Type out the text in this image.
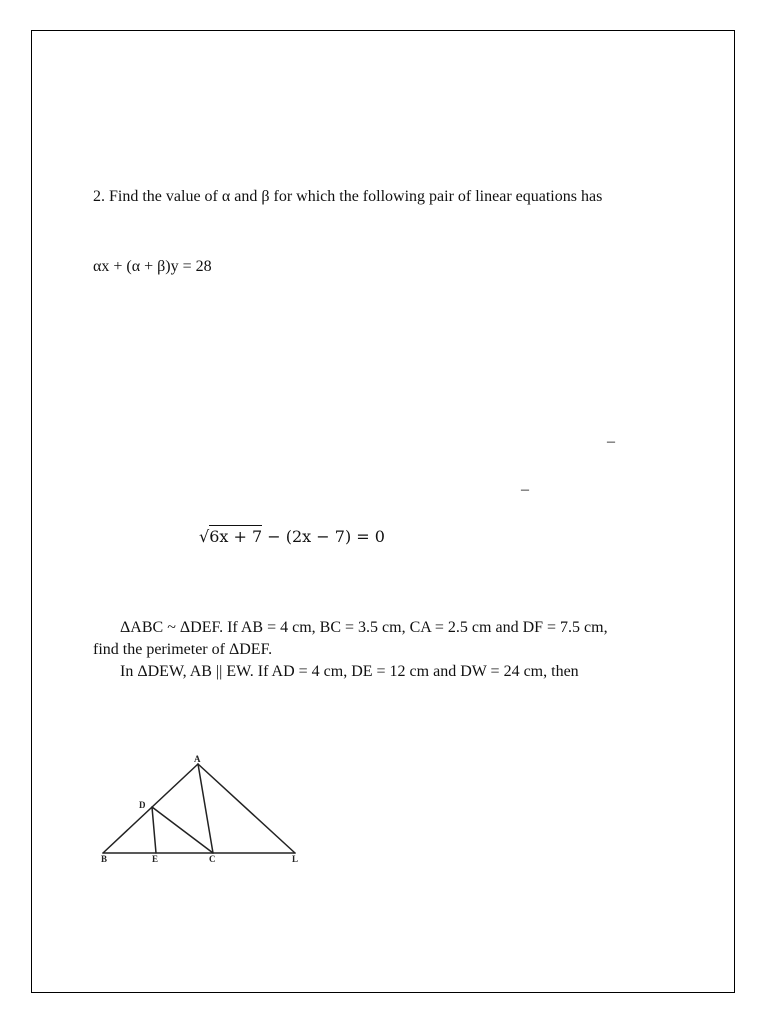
2. Find the value of α and β for which the following pair of linear equations has
αx + (α + β)y = 28
–
–
√6x + 7 − (2x − 7) = 0
ΔABC ~ ΔDEF. If AB = 4 cm, BC = 3.5 cm, CA = 2.5 cm and DF = 7.5 cm,
find the perimeter of ΔDEF.
In ΔDEW, AB || EW. If AD = 4 cm, DE = 12 cm and DW = 24 cm, then
A
D
B	E	C	L
